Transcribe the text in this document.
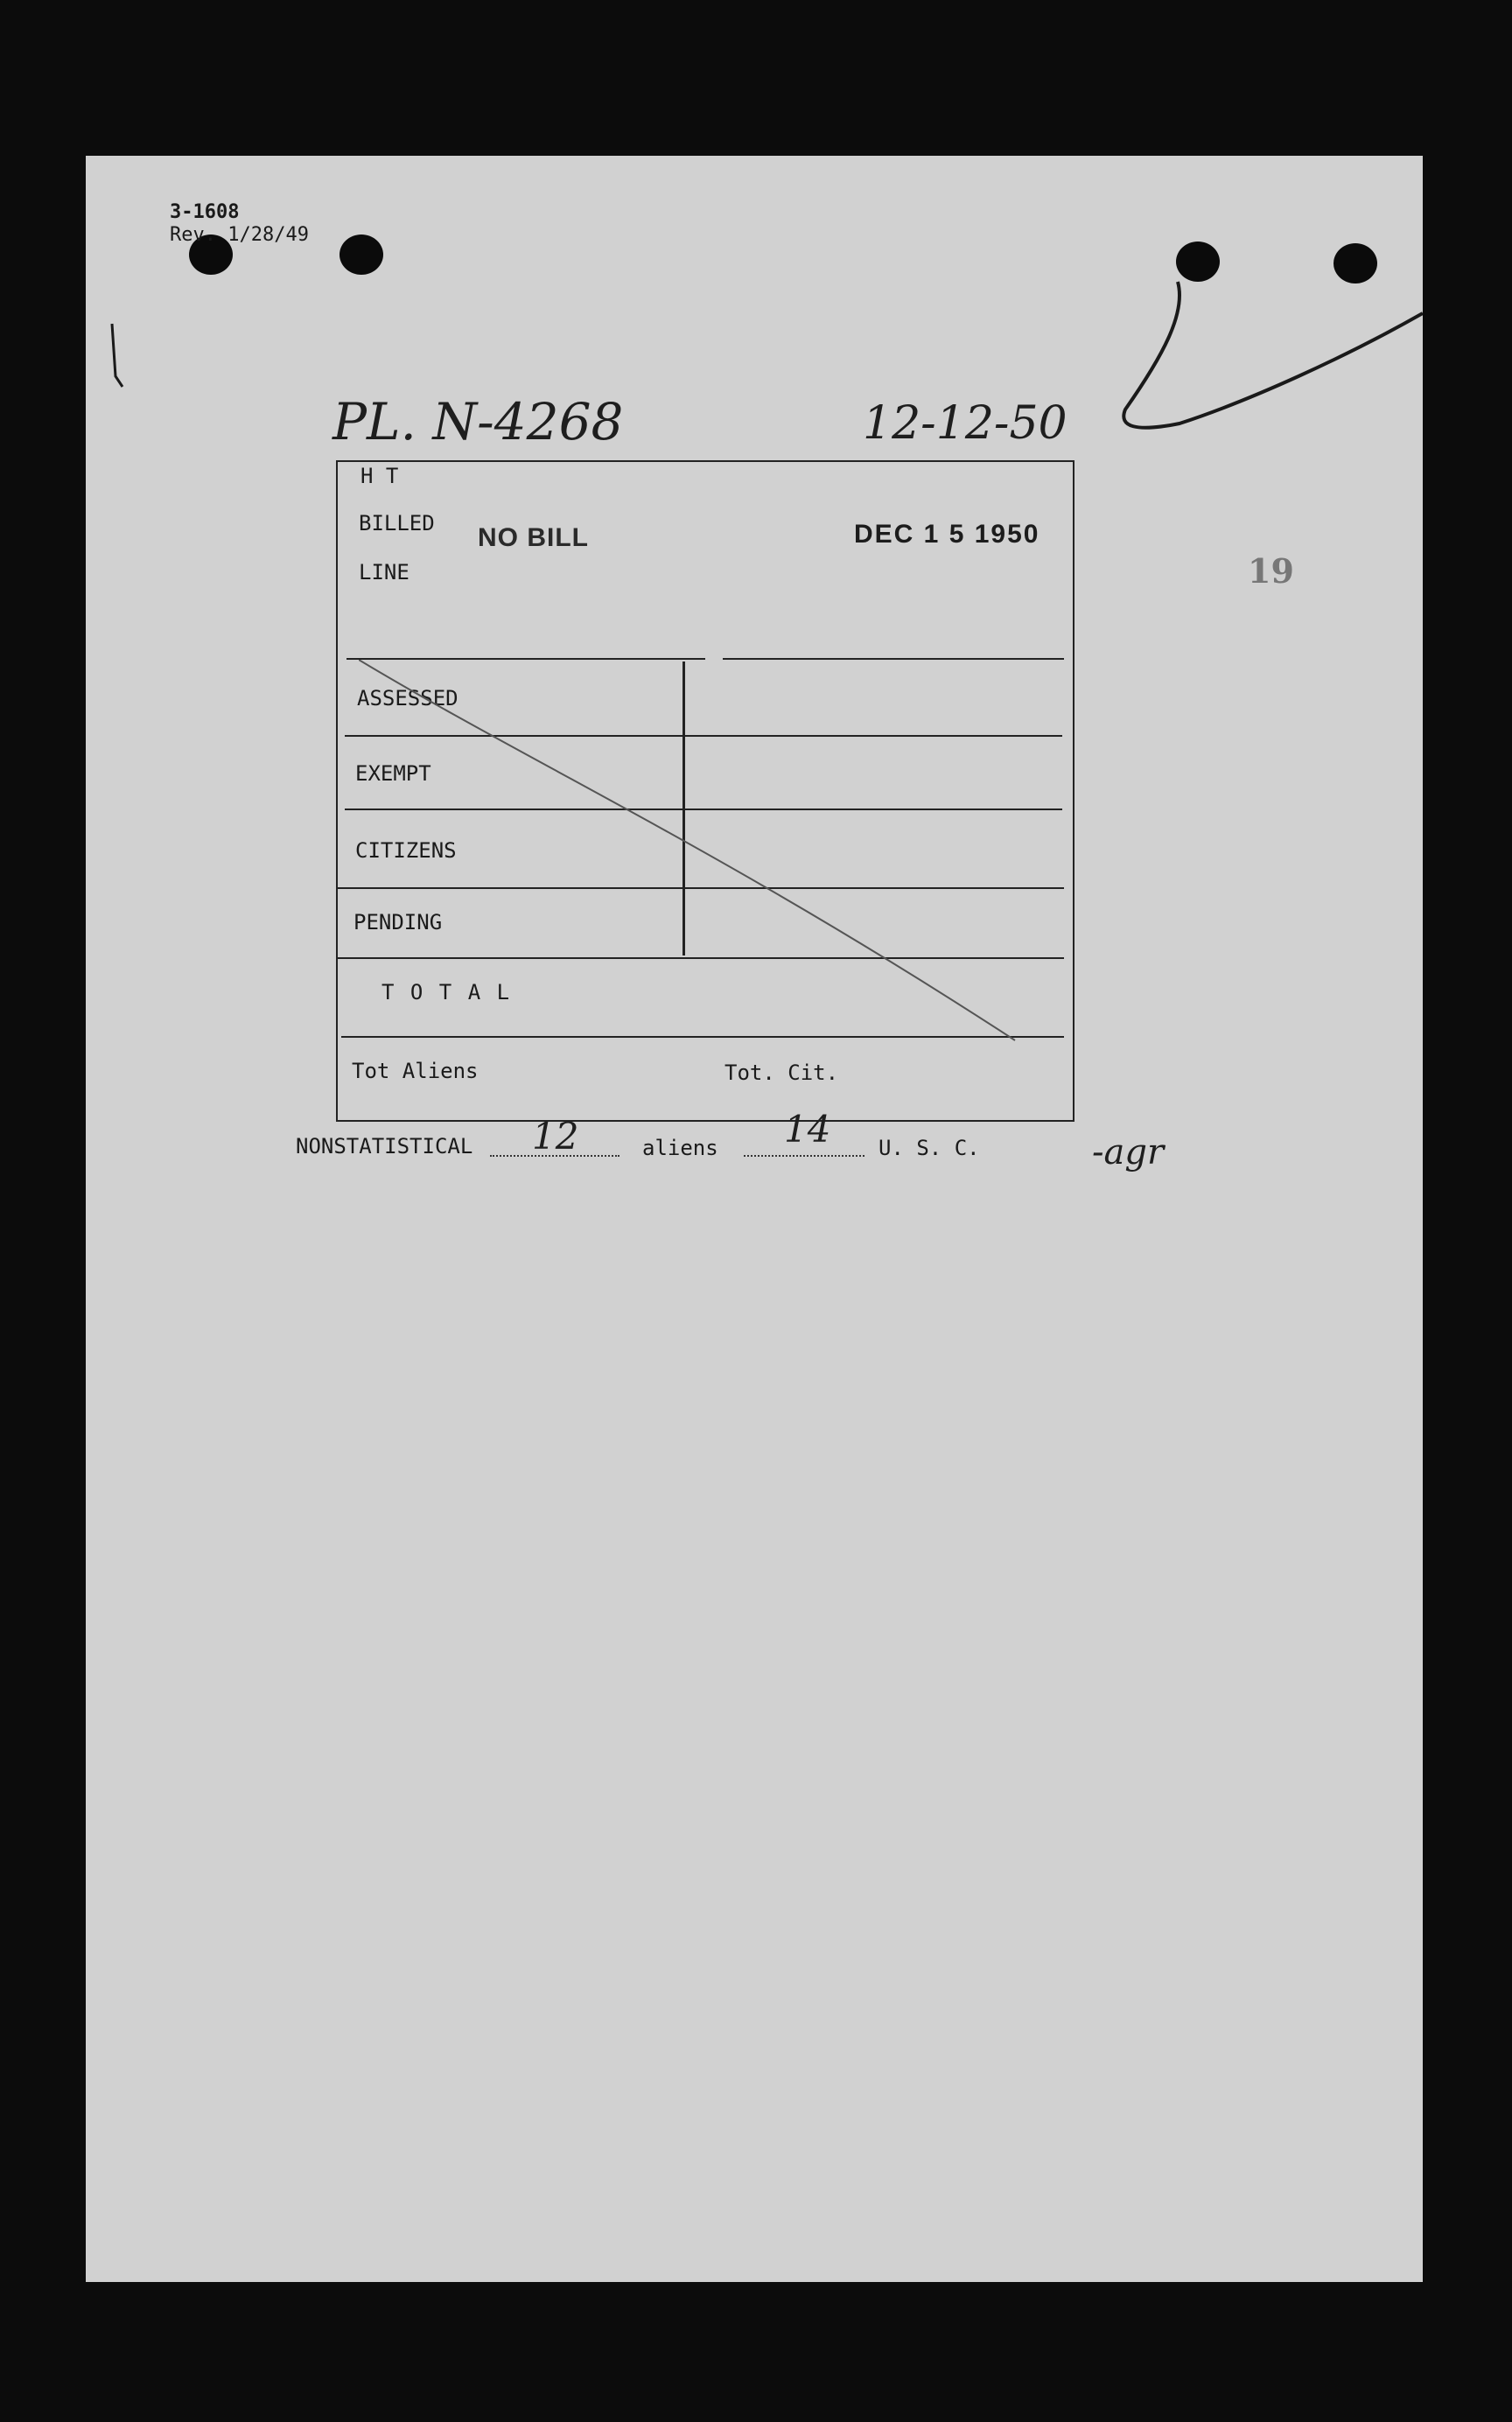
3-1608
Rev. 1/28/49
PL. N-4268	12-12-50
19
H T
BILLED
LINE
NO BILL	DEC 1 5 1950
ASSESSED
EXEMPT
CITIZENS
PENDING
T O T A L
Tot Aliens	Tot. Cit.
NONSTATISTICAL 12	aliens 14 U. S. C.	-agr
